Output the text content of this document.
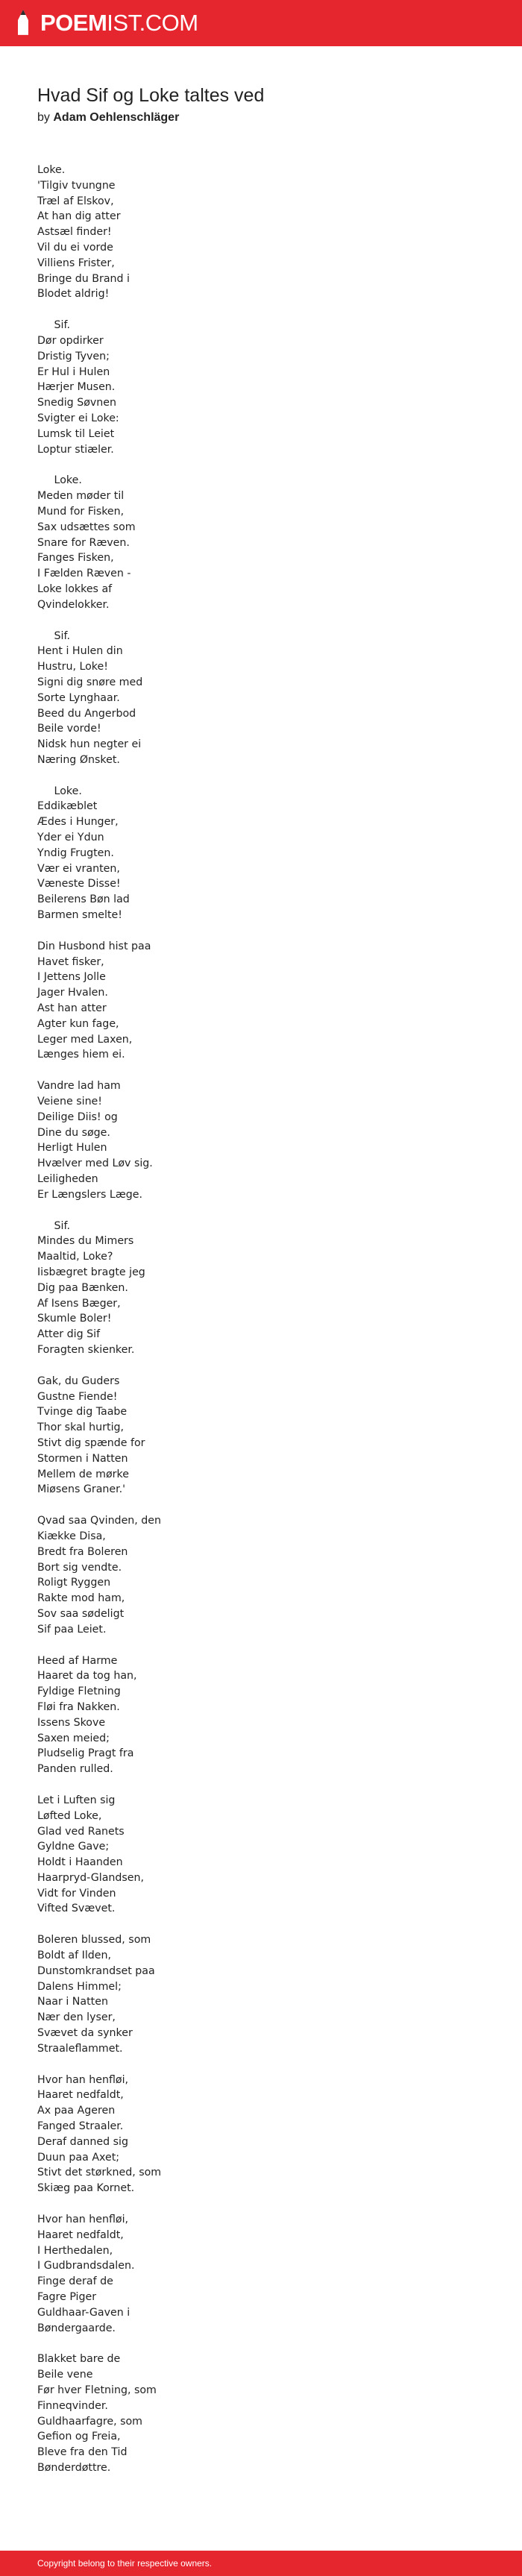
POEMIST.COM
Hvad Sif og Loke taltes ved
by Adam Oehlenschläger
Loke.
'Tilgiv tvungne
Træl af Elskov,
At han dig atter
Astsæl finder!
Vil du ei vorde
Villiens Frister,
Bringe du Brand i
Blodet aldrig!
Sif.
Dør opdirker
Dristig Tyven;
Er Hul i Hulen
Hærjer Musen.
Snedig Søvnen
Svigter ei Loke:
Lumsk til Leiet
Loptur stiæler.
Loke.
Meden møder til
Mund for Fisken,
Sax udsættes som
Snare for Ræven.
Fanges Fisken,
I Fælden Ræven -
Loke lokkes af
Qvindelokker.
Sif.
Hent i Hulen din
Hustru, Loke!
Signi dig snøre med
Sorte Lynghaar.
Beed du Angerbod
Beile vorde!
Nidsk hun negter ei
Næring Ønsket.
Loke.
Eddikæblet
Ædes i Hunger,
Yder ei Ydun
Yndig Frugten.
Vær ei vranten,
Væneste Disse!
Beilerens Bøn lad
Barmen smelte!
Din Husbond hist paa
Havet fisker,
I Jettens Jolle
Jager Hvalen.
Ast han atter
Agter kun fage,
Leger med Laxen,
Længes hiem ei.
Vandre lad ham
Veiene sine!
Deilige Diis! og
Dine du søge.
Herligt Hulen
Hvælver med Løv sig.
Leiligheden
Er Længslers Læge.
Sif.
Mindes du Mimers
Maaltid, Loke?
Iisbægret bragte jeg
Dig paa Bænken.
Af Isens Bæger,
Skumle Boler!
Atter dig Sif
Foragten skienker.
Gak, du Guders
Gustne Fiende!
Tvinge dig Taabe
Thor skal hurtig,
Stivt dig spænde for
Stormen i Natten
Mellem de mørke
Miøsens Graner.'
Qvad saa Qvinden, den
Kiække Disa,
Bredt fra Boleren
Bort sig vendte.
Roligt Ryggen
Rakte mod ham,
Sov saa sødeligt
Sif paa Leiet.
Heed af Harme
Haaret da tog han,
Fyldige Fletning
Fløi fra Nakken.
Issens Skove
Saxen meied;
Pludselig Pragt fra
Panden rulled.
Let i Luften sig
Løfted Loke,
Glad ved Ranets
Gyldne Gave;
Holdt i Haanden
Haarpryd-Glandsen,
Vidt for Vinden
Vifted Svævet.
Boleren blussed, som
Boldt af Ilden,
Dunstomkrandset paa
Dalens Himmel;
Naar i Natten
Nær den lyser,
Svævet da synker
Straaleflammet.
Hvor han henfløi,
Haaret nedfaldt,
Ax paa Ageren
Fanged Straaler.
Deraf danned sig
Duun paa Axet;
Stivt det størkned, som
Skiæg paa Kornet.
Hvor han henfløi,
Haaret nedfaldt,
I Herthedalen,
I Gudbrandsdalen.
Finge deraf de
Fagre Piger
Guldhaar-Gaven i
Bøndergaarde.
Blakket bare de
Beile vene
Før hver Fletning, som
Finneqvinder.
Guldhaarfagre, som
Gefion og Freia,
Bleve fra den Tid
Bønderdøttre.
Copyright belong to their respective owners.
